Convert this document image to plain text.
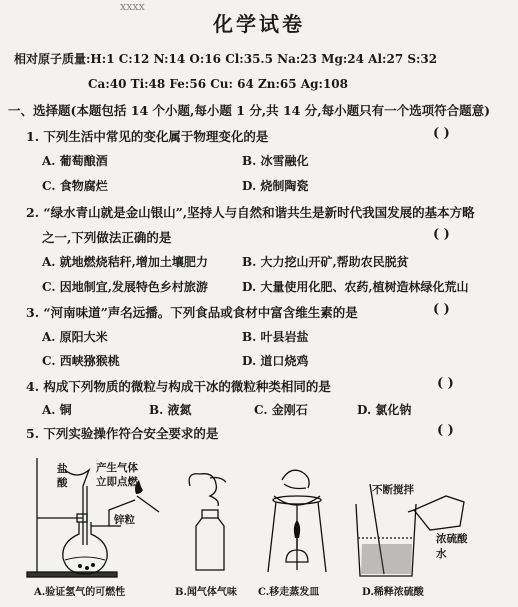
xxxx
化学试卷
相对原子质量:H:1 C:12 N:14 O:16 Cl:35.5 Na:23 Mg:24 Al:27 S:32
Ca:40 Ti:48 Fe:56 Cu: 64 Zn:65 Ag:108
一、选择题(本题包括 14 个小题,每小题 1 分,共 14 分,每小题只有一个选项符合题意)
1. 下列生活中常见的变化属于物理变化的是	( )
A. 葡萄酿酒	B. 冰雪融化
C. 食物腐烂	D. 烧制陶瓷
2. “绿水青山就是金山银山”,坚持人与自然和谐共生是新时代我国发展的基本方略
之一,下列做法正确的是	( )
A. 就地燃烧秸秆,增加土壤肥力	B. 大力挖山开矿,帮助农民脱贫
C. 因地制宜,发展特色乡村旅游	D. 大量使用化肥、农药,植树造林绿化荒山
3. “河南味道”声名远播。下列食品或食材中富含维生素的是	( )
A. 原阳大米	B. 叶县岩盐
C. 西峡猕猴桃	D. 道口烧鸡
4. 构成下列物质的微粒与构成干冰的微粒种类相同的是	( )
A. 铜	B. 液氮	C. 金刚石	D. 氯化钠
5. 下列实验操作符合安全要求的是	( )
盐酸
产生气体
立即点燃
锌粒
A.验证氢气的可燃性	B.闻气体气味 C.移走蒸发皿
不断搅拌
浓硫酸
水
D.稀释浓硫酸
